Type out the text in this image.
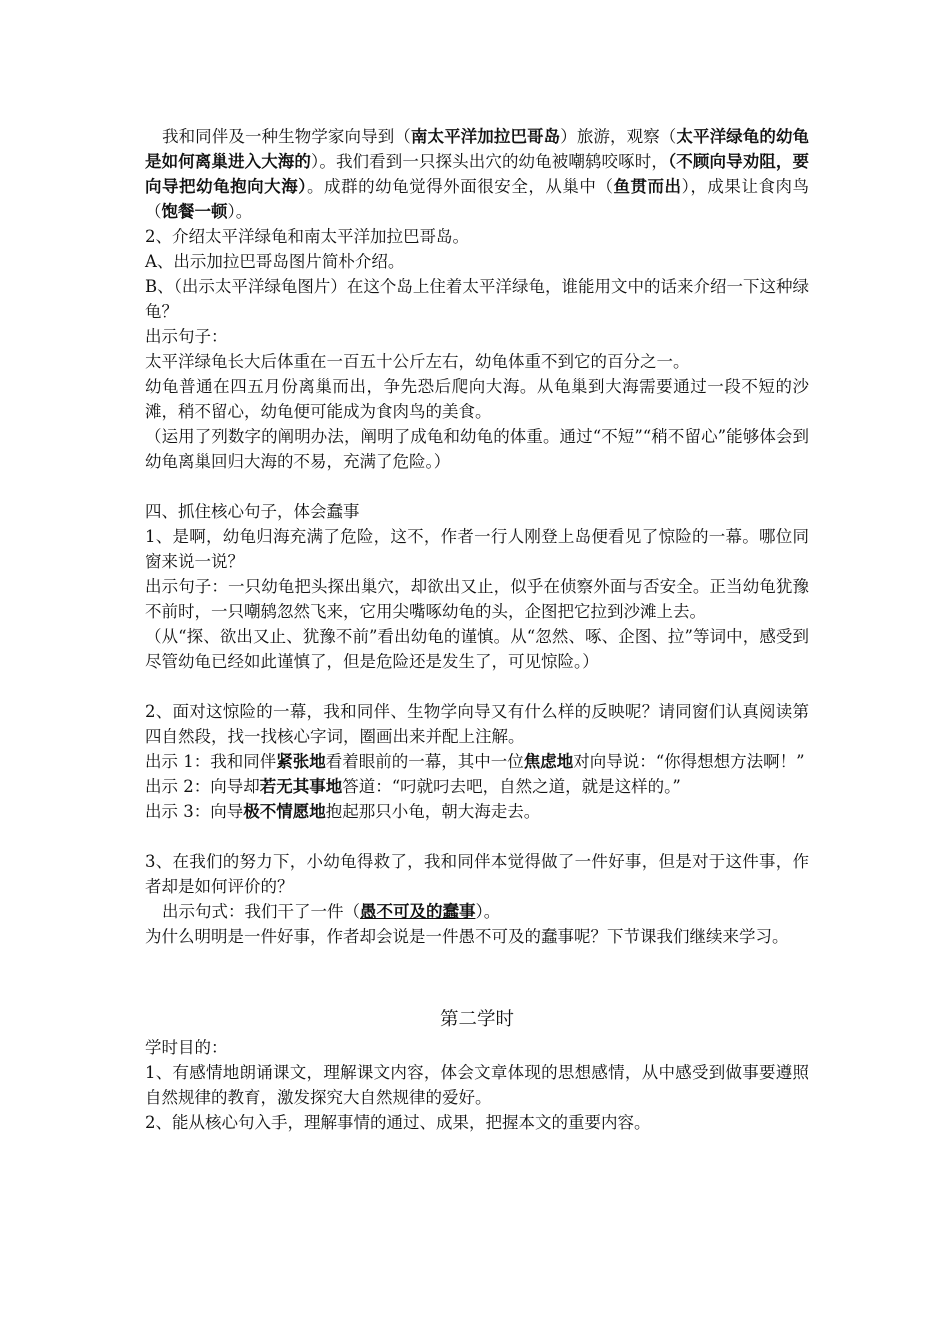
我和同伴及一种生物学家向导到（南太平洋加拉巴哥岛）旅游，观察（太平洋绿龟的幼龟是如何离巢进入大海的）。我们看到一只探头出穴的幼龟被嘲鸫咬啄时，（不顾向导劝阻，要向导把幼龟抱向大海）。成群的幼龟觉得外面很安全，从巢中（鱼贯而出），成果让食肉鸟（饱餐一顿）。

2、介绍太平洋绿龟和南太平洋加拉巴哥岛。

A、出示加拉巴哥岛图片简朴介绍。

B、（出示太平洋绿龟图片）在这个岛上住着太平洋绿龟，谁能用文中的话来介绍一下这种绿龟？

出示句子：

太平洋绿龟长大后体重在一百五十公斤左右，幼龟体重不到它的百分之一。

幼龟普通在四五月份离巢而出，争先恐后爬向大海。从龟巢到大海需要通过一段不短的沙滩，稍不留心，幼龟便可能成为食肉鸟的美食。

（运用了列数字的阐明办法，阐明了成龟和幼龟的体重。通过“不短”“稍不留心”能够体会到幼龟离巢回归大海的不易，充满了危险。）

四、抓住核心句子，体会蠢事

1、是啊，幼龟归海充满了危险，这不，作者一行人刚登上岛便看见了惊险的一幕。哪位同窗来说一说？

出示句子：一只幼龟把头探出巢穴，却欲出又止，似乎在侦察外面与否安全。正当幼龟犹豫不前时，一只嘲鸫忽然飞来，它用尖嘴啄幼龟的头，企图把它拉到沙滩上去。

（从“探、欲出又止、犹豫不前”看出幼龟的谨慎。从“忽然、啄、企图、拉”等词中，感受到尽管幼龟已经如此谨慎了，但是危险还是发生了，可见惊险。）

2、面对这惊险的一幕，我和同伴、生物学向导又有什么样的反映呢？请同窗们认真阅读第四自然段，找一找核心字词，圈画出来并配上注解。

出示 1：我和同伴紧张地看着眼前的一幕，其中一位焦虑地对向导说：“你得想想方法啊！”

出示 2：向导却若无其事地答道：“叼就叼去吧，自然之道，就是这样的。”

出示 3：向导极不情愿地抱起那只小龟，朝大海走去。

3、在我们的努力下，小幼龟得救了，我和同伴本觉得做了一件好事，但是对于这件事，作者却是如何评价的？

出示句式：我们干了一件（愚不可及的蠢事）。

为什么明明是一件好事，作者却会说是一件愚不可及的蠢事呢？下节课我们继续来学习。

第二学时

学时目的：

1、有感情地朗诵课文，理解课文内容，体会文章体现的思想感情，从中感受到做事要遵照自然规律的教育，激发探究大自然规律的爱好。

2、能从核心句入手，理解事情的通过、成果，把握本文的重要内容。
